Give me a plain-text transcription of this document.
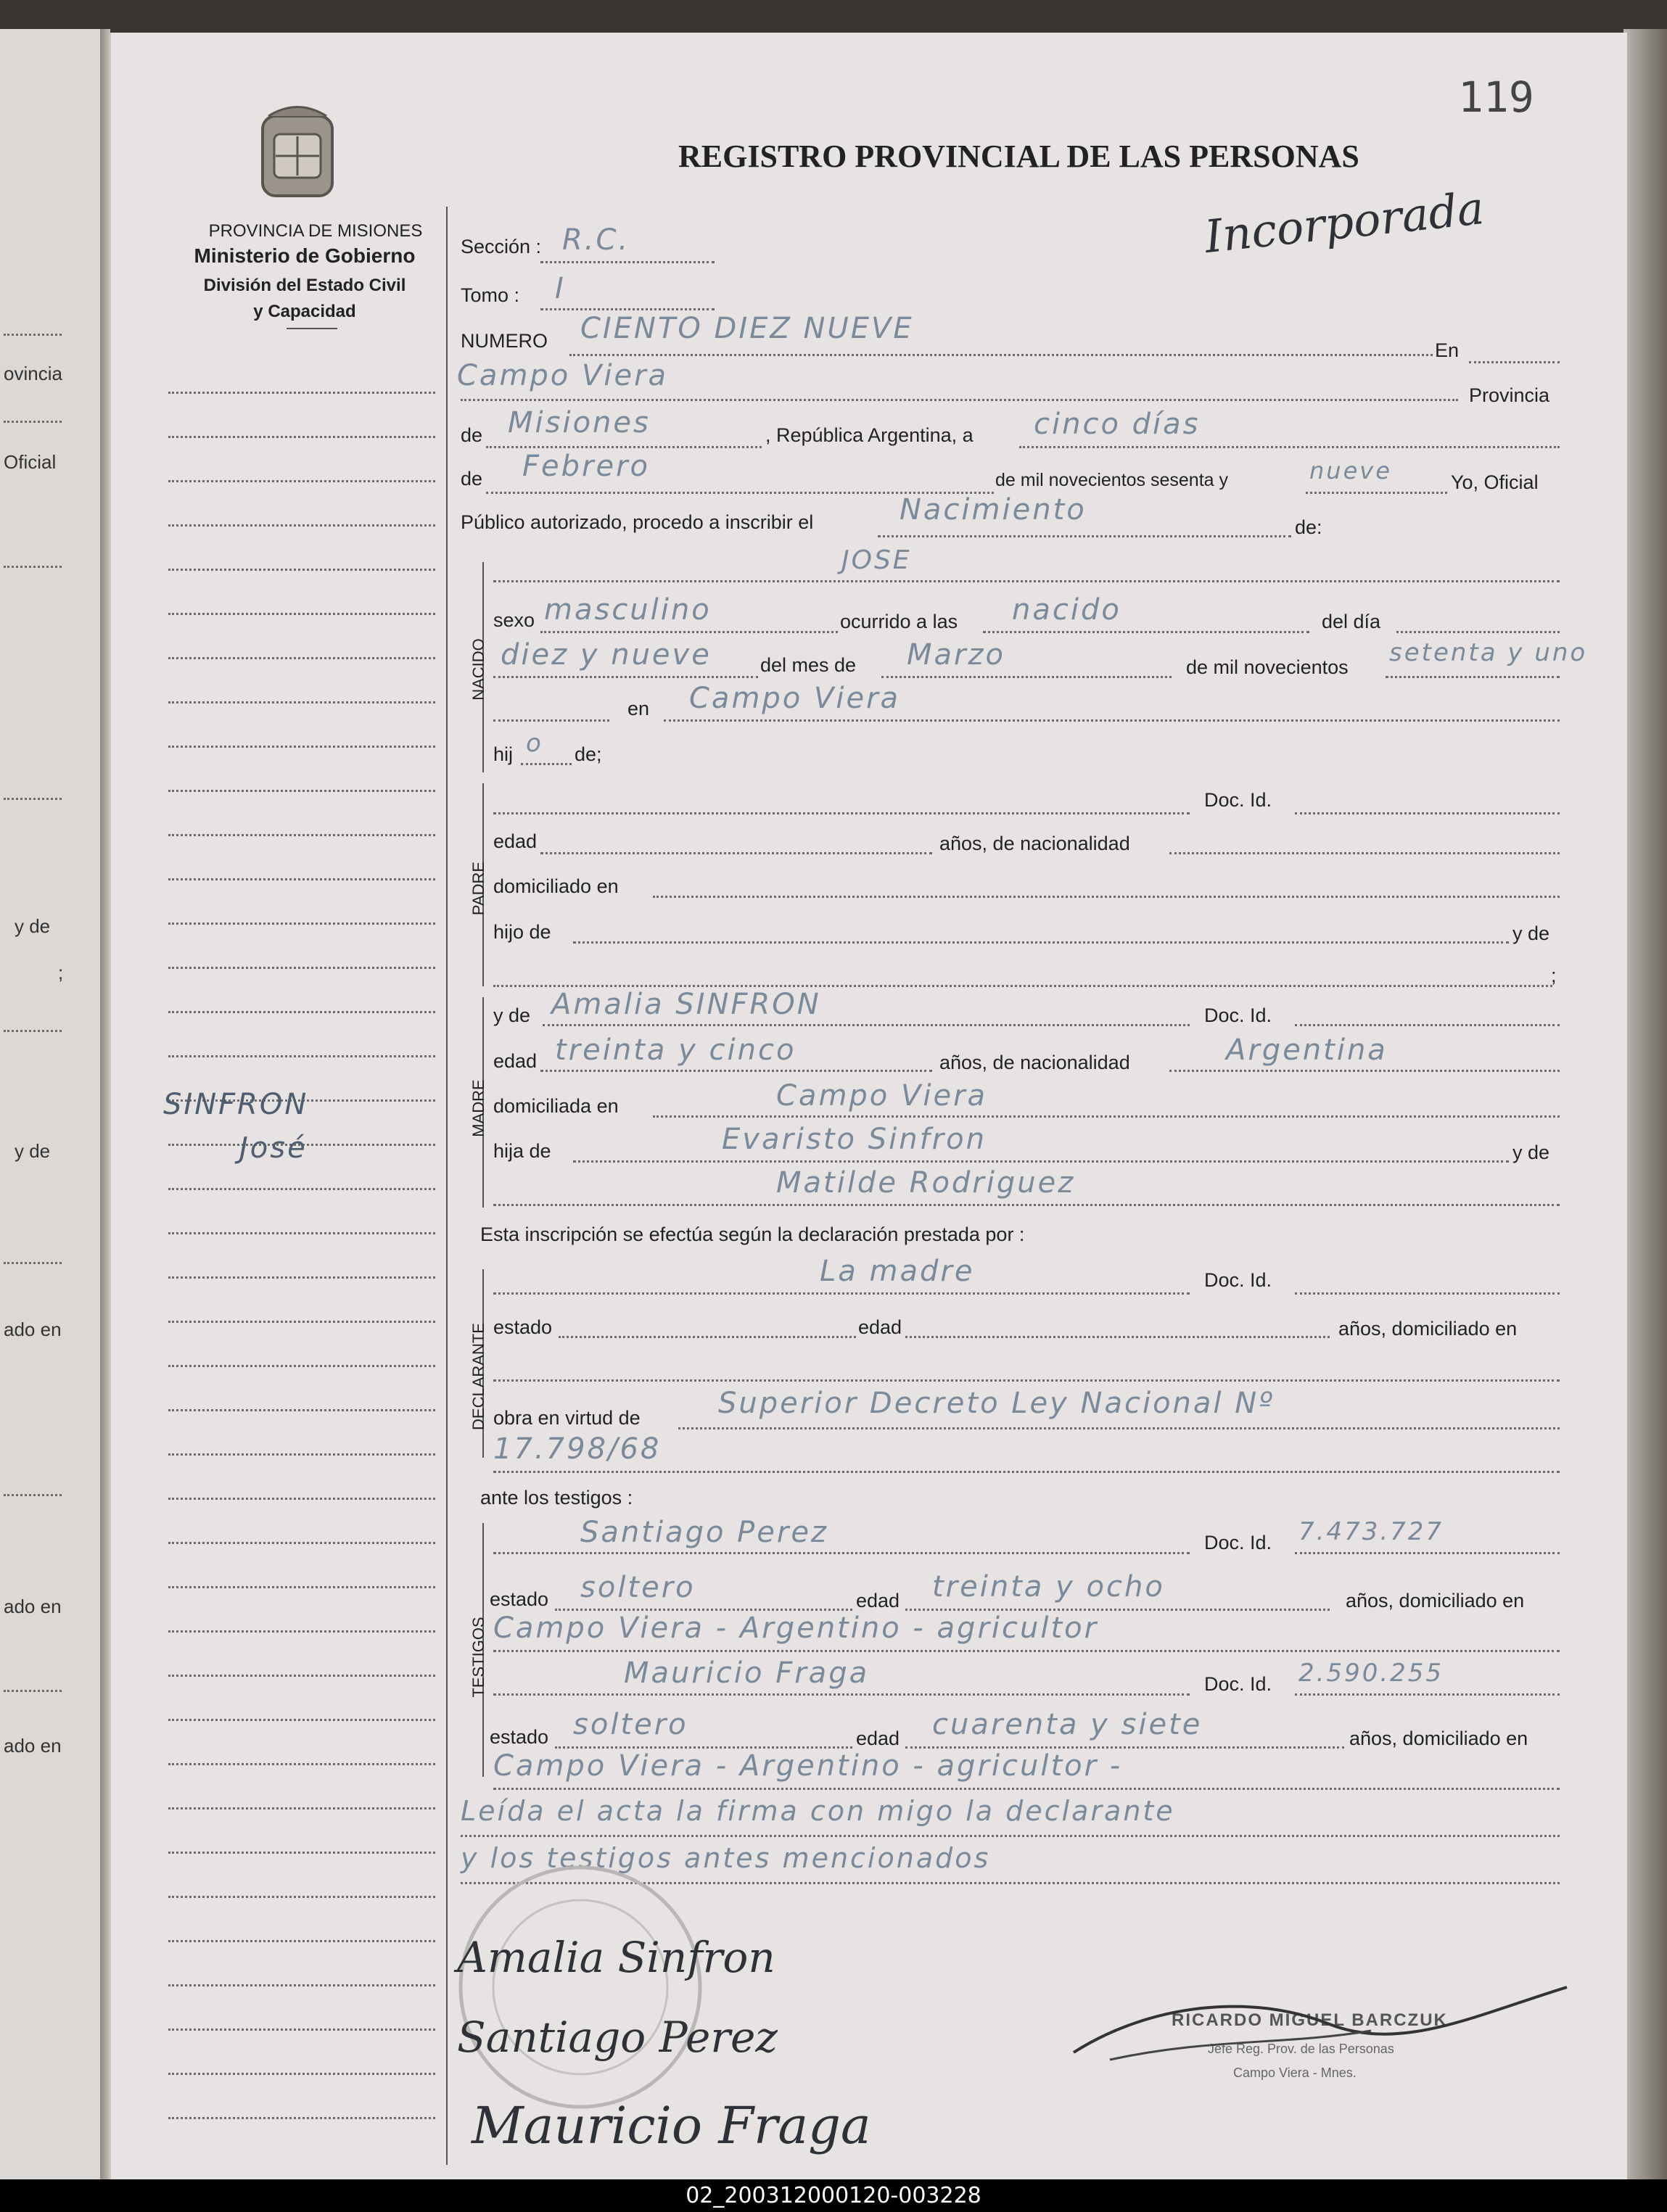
ovincia
Oficial
y de
;
y de
ado en
ado en
ado en
119
REGISTRO PROVINCIAL DE LAS PERSONAS
Incorporada
PROVINCIA DE MISIONES
Ministerio de Gobierno
División del Estado Civil
y Capacidad
SINFRON
José
Sección : R.C.
Tomo : I
NUMERO CIENTO DIEZ NUEVE
En
Campo Viera
Provincia
de Misiones	, República Argentina, a cinco días
de Febrero	de mil novecientos sesenta y	nueve	Yo, Oficial
Público autorizado, procedo a inscribir el	Nacimiento
de:
NACIDO
PADRE
MADRE
DECLARANTE
TESTIGOS
JOSE
sexo masculino	ocurrido a las nacido	del día
diez y nueve del mes de Marzo	de mil novecientos setenta y uno
en Campo Viera
hij o de;
Doc. Id.
edad	años, de nacionalidad
domiciliado en
hijo de	y de
;
y de Amalia SINFRON	Doc. Id.
edad treinta y cinco	años, de nacionalidad	Argentina
domiciliada en	Campo Viera
hija de	Evaristo Sinfron	y de
Matilde Rodriguez
Esta inscripción se efectúa según la declaración prestada por :
La madre	Doc. Id.
estado	edad	años, domiciliado en
obra en virtud de	Superior Decreto Ley Nacional Nº
17.798/68
ante los testigos :
Santiago Perez	Doc. Id. 7.473.727
estado soltero	edad treinta y ocho	años, domiciliado en
Campo Viera - Argentino - agricultor
Mauricio Fraga	Doc. Id. 2.590.255
estado soltero	edad cuarenta y siete	años, domiciliado en
Campo Viera - Argentino - agricultor -
Leída el acta la firma con migo la declarante
y los testigos antes mencionados
RICARDO MIGUEL BARCZUK
Jefe Reg. Prov. de las Personas
Campo Viera - Mnes.
Amalia Sinfron
Santiago Perez
Mauricio Fraga
02_200312000120-003228
